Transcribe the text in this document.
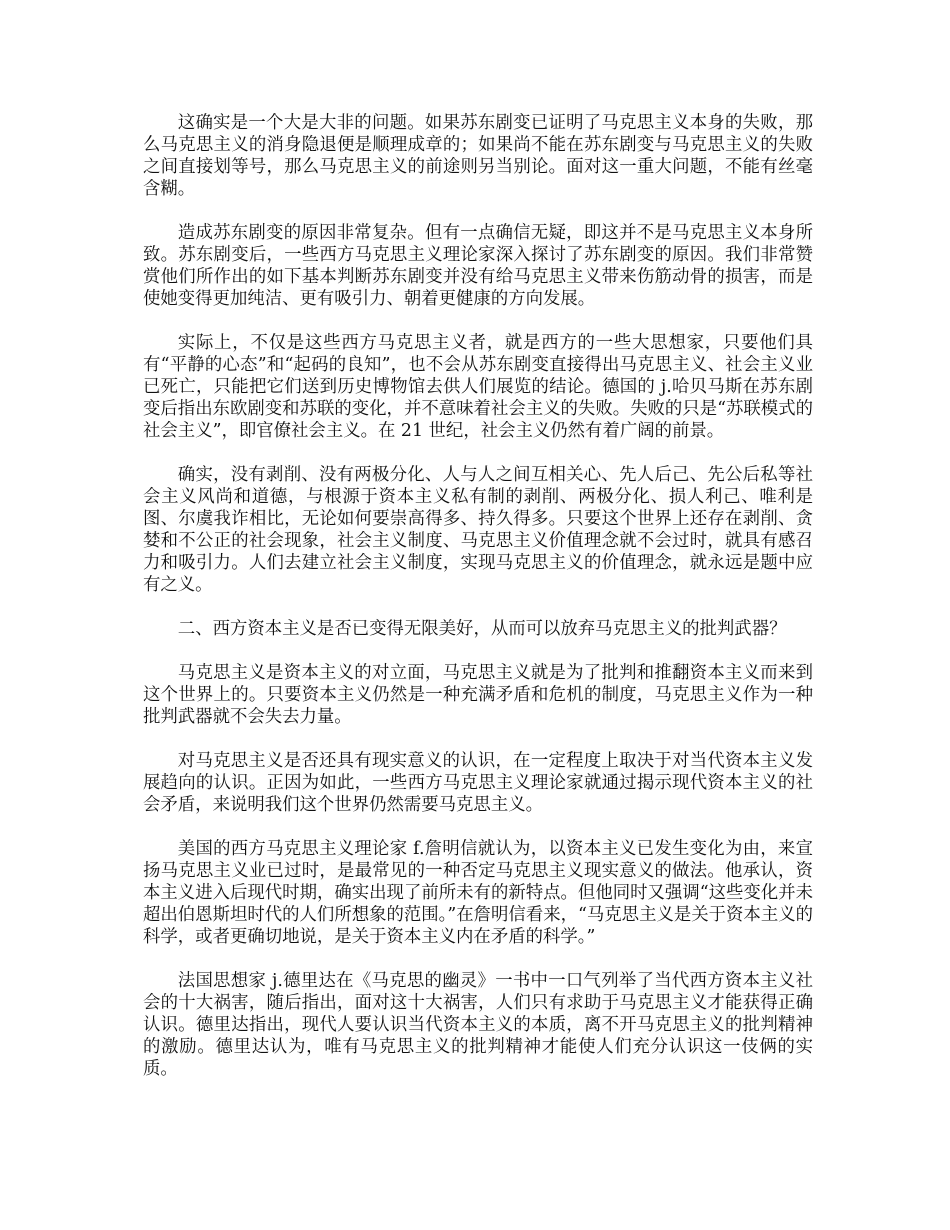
这确实是一个大是大非的问题。如果苏东剧变已证明了马克思主义本身的失败，那么马克思主义的消身隐退便是顺理成章的；如果尚不能在苏东剧变与马克思主义的失败之间直接划等号，那么马克思主义的前途则另当别论。面对这一重大问题，不能有丝毫含糊。

造成苏东剧变的原因非常复杂。但有一点确信无疑，即这并不是马克思主义本身所致。苏东剧变后，一些西方马克思主义理论家深入探讨了苏东剧变的原因。我们非常赞赏他们所作出的如下基本判断苏东剧变并没有给马克思主义带来伤筋动骨的损害，而是使她变得更加纯洁、更有吸引力、朝着更健康的方向发展。

实际上，不仅是这些西方马克思主义者，就是西方的一些大思想家，只要他们具有“平静的心态”和“起码的良知”，也不会从苏东剧变直接得出马克思主义、社会主义业已死亡，只能把它们送到历史博物馆去供人们展览的结论。德国的 j.哈贝马斯在苏东剧变后指出东欧剧变和苏联的变化，并不意味着社会主义的失败。失败的只是“苏联模式的社会主义”，即官僚社会主义。在 21 世纪，社会主义仍然有着广阔的前景。

确实，没有剥削、没有两极分化、人与人之间互相关心、先人后己、先公后私等社会主义风尚和道德，与根源于资本主义私有制的剥削、两极分化、损人利己、唯利是图、尔虞我诈相比，无论如何要崇高得多、持久得多。只要这个世界上还存在剥削、贪婪和不公正的社会现象，社会主义制度、马克思主义价值理念就不会过时，就具有感召力和吸引力。人们去建立社会主义制度，实现马克思主义的价值理念，就永远是题中应有之义。

二、西方资本主义是否已变得无限美好，从而可以放弃马克思主义的批判武器？

马克思主义是资本主义的对立面，马克思主义就是为了批判和推翻资本主义而来到这个世界上的。只要资本主义仍然是一种充满矛盾和危机的制度，马克思主义作为一种批判武器就不会失去力量。

对马克思主义是否还具有现实意义的认识，在一定程度上取决于对当代资本主义发展趋向的认识。正因为如此，一些西方马克思主义理论家就通过揭示现代资本主义的社会矛盾，来说明我们这个世界仍然需要马克思主义。

美国的西方马克思主义理论家 f.詹明信就认为，以资本主义已发生变化为由，来宣扬马克思主义业已过时，是最常见的一种否定马克思主义现实意义的做法。他承认，资本主义进入后现代时期，确实出现了前所未有的新特点。但他同时又强调“这些变化并未超出伯恩斯坦时代的人们所想象的范围。”在詹明信看来，“马克思主义是关于资本主义的科学，或者更确切地说，是关于资本主义内在矛盾的科学。”

法国思想家 j.德里达在《马克思的幽灵》一书中一口气列举了当代西方资本主义社会的十大祸害，随后指出，面对这十大祸害，人们只有求助于马克思主义才能获得正确认识。德里达指出，现代人要认识当代资本主义的本质，离不开马克思主义的批判精神的激励。德里达认为，唯有马克思主义的批判精神才能使人们充分认识这一伎俩的实质。
